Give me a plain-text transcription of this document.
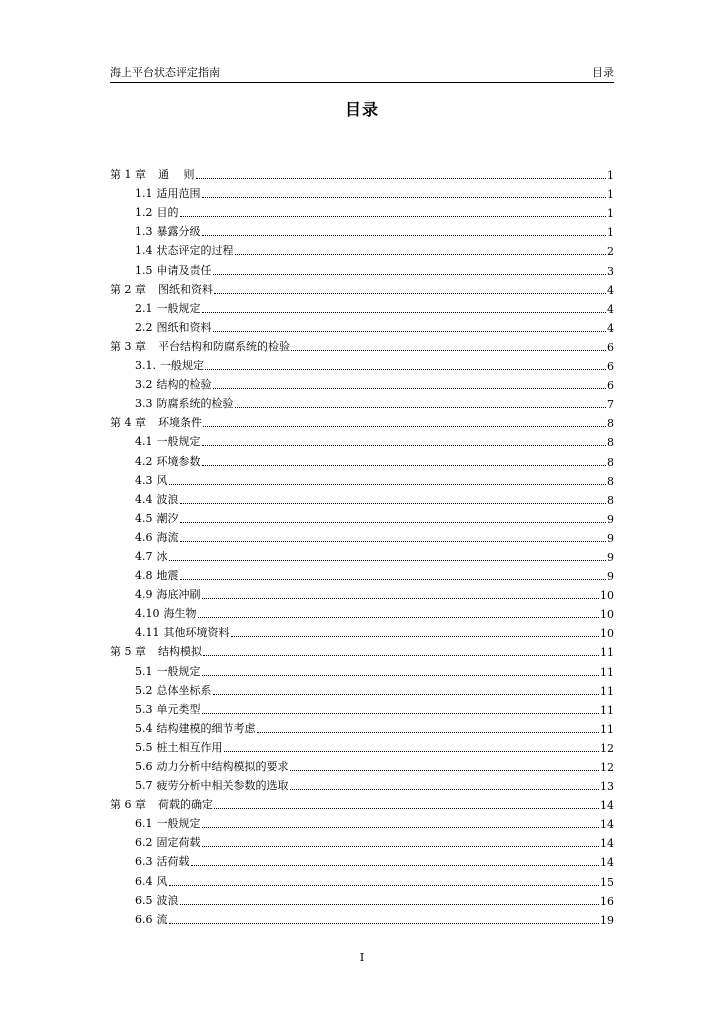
海上平台状态评定指南	目录
目录
第 1 章 通　 则	1
1.1 适用范围	1
1.2 目的	1
1.3 暴露分级	1
1.4 状态评定的过程	2
1.5 申请及责任	3
第 2 章 图纸和资料	4
2.1 一般规定	4
2.2 图纸和资料	4
第 3 章 平台结构和防腐系统的检验	6
3.1. 一般规定	6
3.2 结构的检验	6
3.3 防腐系统的检验	7
第 4 章 环境条件	8
4.1 一般规定	8
4.2 环境参数	8
4.3 风	8
4.4 波浪	8
4.5 潮汐	9
4.6 海流	9
4.7 冰	9
4.8 地震	9
4.9 海底冲刷	10
4.10 海生物	10
4.11 其他环境资料	10
第 5 章 结构模拟	11
5.1 一般规定	11
5.2 总体坐标系	11
5.3 单元类型	11
5.4 结构建模的细节考虑	11
5.5 桩土相互作用	12
5.6 动力分析中结构模拟的要求	12
5.7 疲劳分析中相关参数的选取	13
第 6 章 荷载的确定	14
6.1 一般规定	14
6.2 固定荷载	14
6.3 活荷载	14
6.4 风	15
6.5 波浪	16
6.6 流	19
I
